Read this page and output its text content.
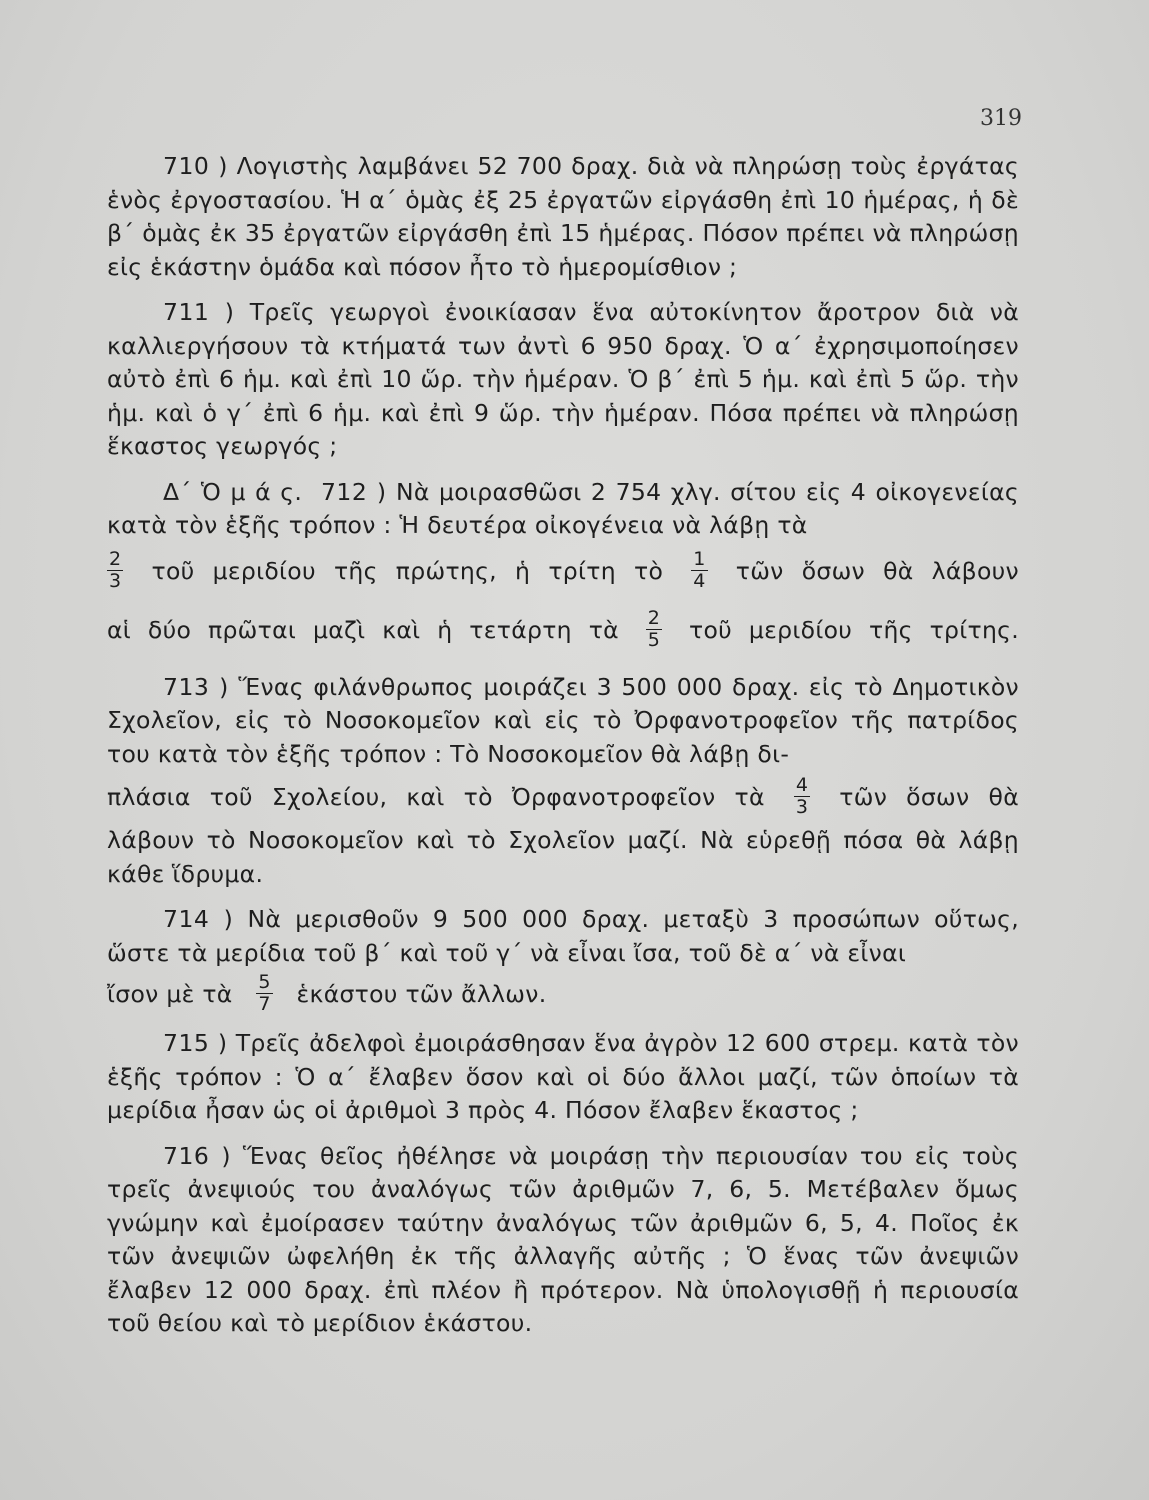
319

710 ) Λογιστὴς λαμβάνει 52 700 δραχ. διὰ νὰ πληρώσῃ τοὺς ἐργάτας ἑνὸς ἐργοστασίου. Ἡ α΄ ὁμὰς ἐξ 25 ἐργατῶν εἰργάσθη ἐπὶ 10 ἡμέρας, ἡ δὲ β΄ ὁμὰς ἐκ 35 ἐργατῶν εἰργάσθη ἐπὶ 15 ἡμέρας. Πόσον πρέπει νὰ πληρώσῃ εἰς ἑκάστην ὁμάδα καὶ πόσον ἦτο τὸ ἡμερομίσθιον ;

711 ) Τρεῖς γεωργοὶ ἐνοικίασαν ἕνα αὐτοκίνητον ἄροτρον διὰ νὰ καλλιεργήσουν τὰ κτήματά των ἀντὶ 6 950 δραχ. Ὁ α΄ ἐχρησιμοποίησεν αὐτὸ ἐπὶ 6 ἡμ. καὶ ἐπὶ 10 ὥρ. τὴν ἡμέραν. Ὁ β΄ ἐπὶ 5 ἡμ. καὶ ἐπὶ 5 ὥρ. τὴν ἡμ. καὶ ὁ γ΄ ἐπὶ 6 ἡμ. καὶ ἐπὶ 9 ὥρ. τὴν ἡμέραν. Πόσα πρέπει νὰ πληρώσῃ ἕκαστος γεωργός ;

Δ΄ Ὁ μ ά ς. 712 ) Νὰ μοιρασθῶσι 2 754 χλγ. σίτου εἰς 4 οἰκογενείας κατὰ τὸν ἑξῆς τρόπον : Ἡ δευτέρα οἰκογένεια νὰ λάβῃ τὰ

$\frac{2}{3}$ τοῦ μεριδίου τῆς πρώτης, ἡ τρίτη τὸ $\frac{1}{4}$ τῶν ὅσων θὰ λάβουν

αἱ δύο πρῶται μαζὶ καὶ ἡ τετάρτη τὰ $\frac{2}{5}$ τοῦ μεριδίου τῆς τρίτης.

713 ) Ἕνας φιλάνθρωπος μοιράζει 3 500 000 δραχ. εἰς τὸ Δημοτικὸν Σχολεῖον, εἰς τὸ Νοσοκομεῖον καὶ εἰς τὸ Ὀρφανοτροφεῖον τῆς πατρίδος του κατὰ τὸν ἑξῆς τρόπον : Τὸ Νοσοκομεῖον θὰ λάβῃ δι-

πλάσια τοῦ Σχολείου, καὶ τὸ Ὀρφανοτροφεῖον τὰ $\frac{4}{3}$ τῶν ὅσων θὰ

λάβουν τὸ Νοσοκομεῖον καὶ τὸ Σχολεῖον μαζί. Νὰ εὑρεθῇ πόσα θὰ λάβῃ κάθε ἵδρυμα.

714 ) Νὰ μερισθοῦν 9 500 000 δραχ. μεταξὺ 3 προσώπων οὕτως, ὥστε τὰ μερίδια τοῦ β΄ καὶ τοῦ γ΄ νὰ εἶναι ἴσα, τοῦ δὲ α΄ νὰ εἶναι

ἴσον μὲ τὰ $\frac{5}{7}$ ἑκάστου τῶν ἄλλων.

715 ) Τρεῖς ἀδελφοὶ ἐμοιράσθησαν ἕνα ἀγρὸν 12 600 στρεμ. κατὰ τὸν ἑξῆς τρόπον : Ὁ α΄ ἔλαβεν ὅσον καὶ οἱ δύο ἄλλοι μαζί, τῶν ὁποίων τὰ μερίδια ἦσαν ὡς οἱ ἀριθμοὶ 3 πρὸς 4. Πόσον ἔλαβεν ἕκαστος ;

716 ) Ἕνας θεῖος ἠθέλησε νὰ μοιράσῃ τὴν περιουσίαν του εἰς τοὺς τρεῖς ἀνεψιούς του ἀναλόγως τῶν ἀριθμῶν 7, 6, 5. Μετέβαλεν ὅμως γνώμην καὶ ἐμοίρασεν ταύτην ἀναλόγως τῶν ἀριθμῶν 6, 5, 4. Ποῖος ἐκ τῶν ἀνεψιῶν ὠφελήθη ἐκ τῆς ἀλλαγῆς αὐτῆς ; Ὁ ἕνας τῶν ἀνεψιῶν ἔλαβεν 12 000 δραχ. ἐπὶ πλέον ἢ πρότερον. Νὰ ὑπολογισθῇ ἡ περιουσία τοῦ θείου καὶ τὸ μερίδιον ἑκάστου.
